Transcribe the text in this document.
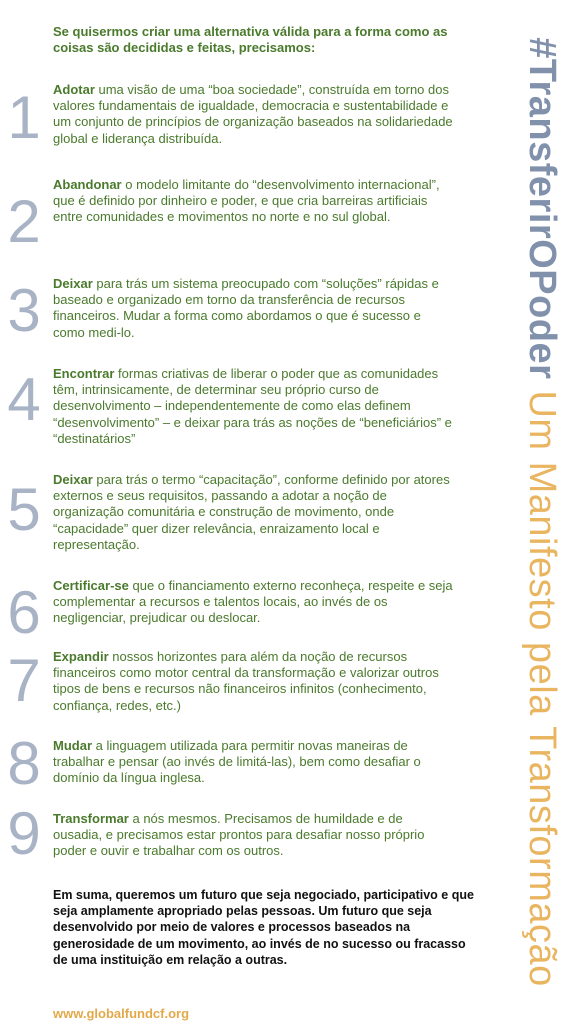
Se quisermos criar uma alternativa válida para a forma como as coisas são decididas e feitas, precisamos:
1 Adotar uma visão de uma “boa sociedade”, construída em torno dos valores fundamentais de igualdade, democracia e sustentabilidade e um conjunto de princípios de organização baseados na solidariedade global e liderança distribuída.
2
Abandonar o modelo limitante do “desenvolvimento internacional”, que é definido por dinheiro e poder, e que cria barreiras artificiais entre comunidades e movimentos no norte e no sul global.
3 Deixar para trás um sistema preocupado com “soluções” rápidas e baseado e organizado em torno da transferência de recursos financeiros. Mudar a forma como abordamos o que é sucesso e como medi-lo.
4 Encontrar formas criativas de liberar o poder que as comunidades têm, intrinsicamente, de determinar seu próprio curso de desenvolvimento – independentemente de como elas definem “desenvolvimento” – e deixar para trás as noções de “beneficiários” e “destinatários”
5 Deixar para trás o termo “capacitação”, conforme definido por atores externos e seus requisitos, passando a adotar a noção de organização comunitária e construção de movimento, onde “capacidade” quer dizer relevância, enraizamento local e representação.
6 Certificar-se que o financiamento externo reconheça, respeite e seja complementar a recursos e talentos locais, ao invés de os negligenciar, prejudicar ou deslocar.
7 Expandir nossos horizontes para além da noção de recursos financeiros como motor central da transformação e valorizar outros tipos de bens e recursos não financeiros infinitos (conhecimento, confiança, redes, etc.)
8 Mudar a linguagem utilizada para permitir novas maneiras de trabalhar e pensar (ao invés de limitá-las), bem como desafiar o domínio da língua inglesa.
9 Transformar a nós mesmos. Precisamos de humildade e de ousadia, e precisamos estar prontos para desafiar nosso próprio poder e ouvir e trabalhar com os outros.
Em suma, queremos um futuro que seja negociado, participativo e que seja amplamente apropriado pelas pessoas. Um futuro que seja desenvolvido por meio de valores e processos baseados na generosidade de um movimento, ao invés de no sucesso ou fracasso de uma instituição em relação a outras.
www.globalfundcf.org
#TransferirOPoder Um Manifesto pela Transformação
